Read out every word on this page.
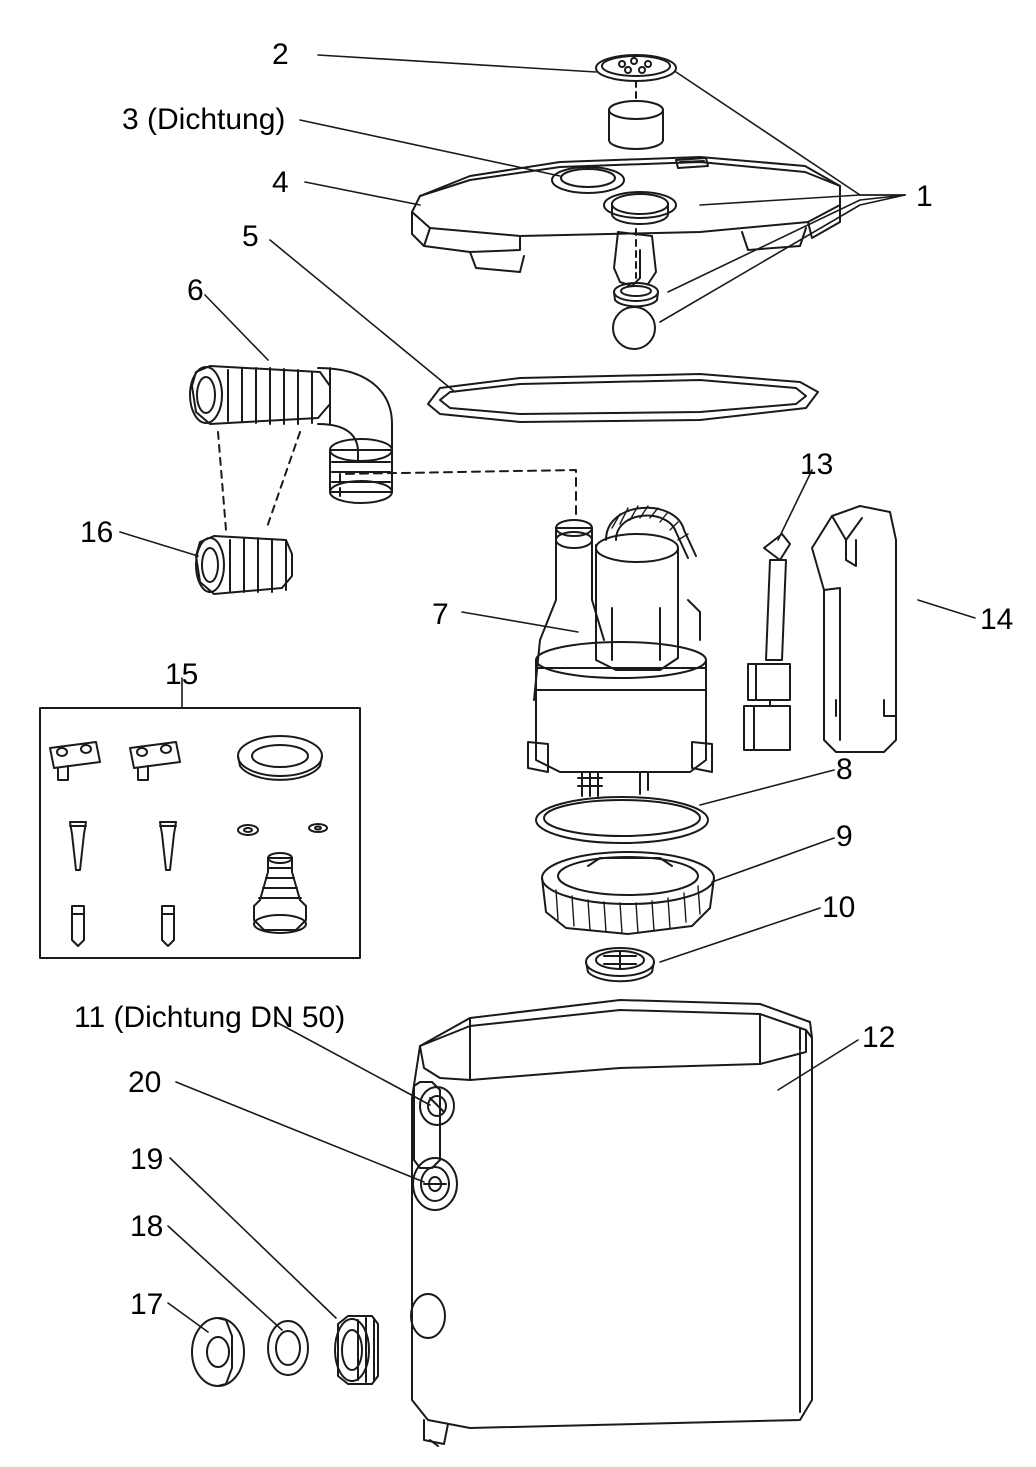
2
3 (Dichtung)
4	1
5
6
16
13
14
7
15
8
9
10
11 (Dichtung DN 50)
20
12
19
18
17
